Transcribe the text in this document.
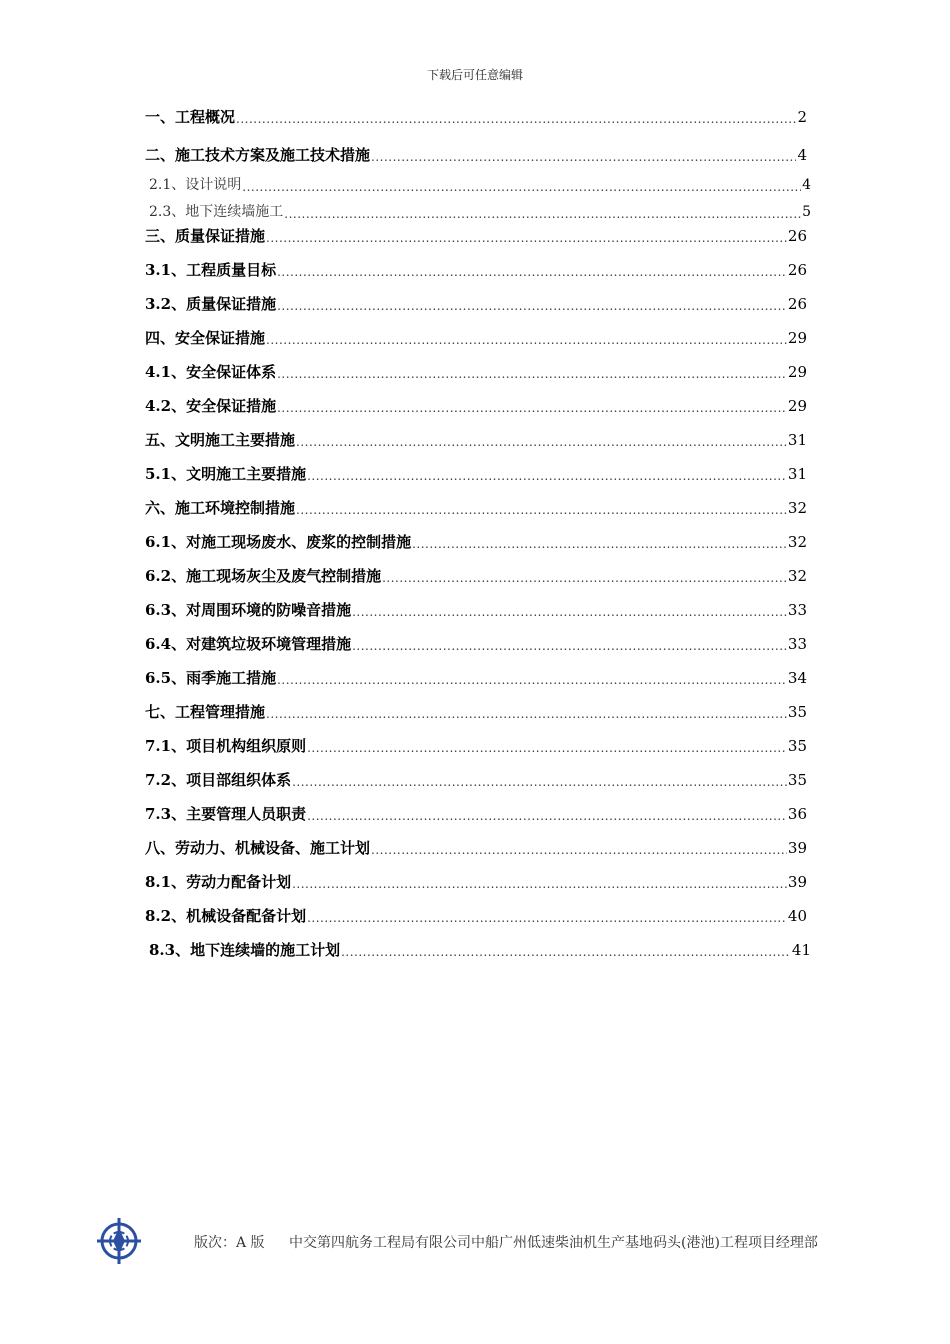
下载后可任意编辑
一、工程概况 .....	2
二、施工技术方案及施工技术措施 .....	4
2.1、设计说明 .....	4
2.3、地下连续墙施工 .....	5
三、质量保证措施 .....	26
3.1、工程质量目标 .....	26
3.2、质量保证措施 .....	26
四、安全保证措施 .....	29
4.1、安全保证体系 .....	29
4.2、安全保证措施 .....	29
五、文明施工主要措施 .....	31
5.1、文明施工主要措施 .....	31
六、施工环境控制措施 .....	32
6.1、对施工现场废水、废浆的控制措施 .....	32
6.2、施工现场灰尘及废气控制措施 .....	32
6.3、对周围环境的防噪音措施 .....	33
6.4、对建筑垃圾环境管理措施 .....	33
6.5、雨季施工措施 .....	34
七、工程管理措施 .....	35
7.1、项目机构组织原则 .....	35
7.2、项目部组织体系 .....	35
7.3、主要管理人员职责 .....	36
八、劳动力、机械设备、施工计划 .....	39
8.1、劳动力配备计划 .....	39
8.2、机械设备配备计划 .....	40
8.3、地下连续墙的施工计划 .....	41
版次：A 版 中交第四航务工程局有限公司中船广州低速柴油机生产基地码头(港池)工程项目经理部
